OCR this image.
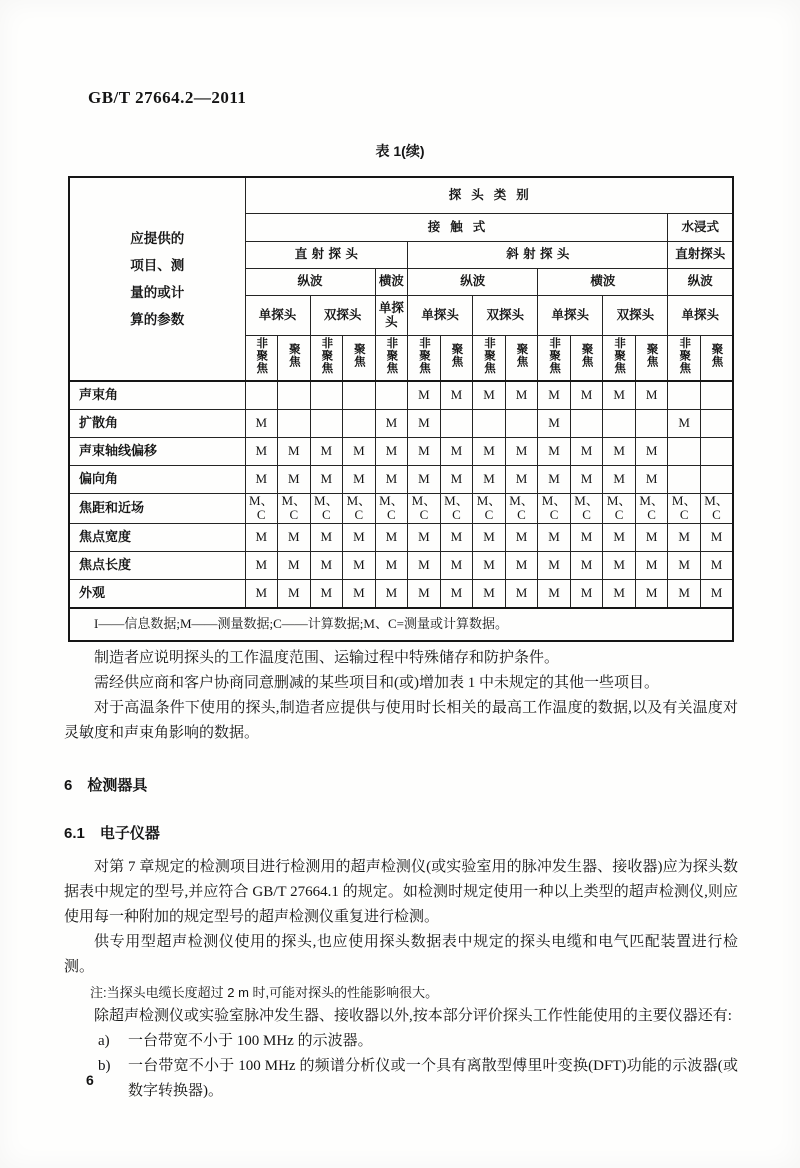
GB/T 27664.2—2011
表 1(续)
应提供的
项目、测
量的或计
算的参数	探头类别														
	接触式													水浸式	
	直射探头					斜射探头								直射探头	
	纵波				横波	纵波				横波				纵波	
	单探头		双探头		单探头	单探头		双探头		单探头		双探头		单探头	
	非聚焦	聚焦	非聚焦	聚焦	非聚焦	非聚焦	聚焦	非聚焦	聚焦	非聚焦	聚焦	非聚焦	聚焦	非聚焦	聚焦
声束角						M	M	M	M	M	M	M	M		
扩散角	M				M	M				M				M	
声束轴线偏移	M	M	M	M	M	M	M	M	M	M	M	M	M		
偏向角	M	M	M	M	M	M	M	M	M	M	M	M	M		
焦距和近场	M、C	M、C	M、C	M、C	M、C	M、C	M、C	M、C	M、C	M、C	M、C	M、C	M、C	M、C	M、C
焦点宽度	M	M	M	M	M	M	M	M	M	M	M	M	M	M	M
焦点长度	M	M	M	M	M	M	M	M	M	M	M	M	M	M	M
外观	M	M	M	M	M	M	M	M	M	M	M	M	M	M	M
I——信息数据;M——测量数据;C——计算数据;M、C=测量或计算数据。															

制造者应说明探头的工作温度范围、运输过程中特殊储存和防护条件。

需经供应商和客户协商同意删减的某些项目和(或)增加表 1 中未规定的其他一些项目。

对于高温条件下使用的探头,制造者应提供与使用时长相关的最高工作温度的数据,以及有关温度对灵敏度和声束角影响的数据。

6 检测器具

6.1 电子仪器

对第 7 章规定的检测项目进行检测用的超声检测仪(或实验室用的脉冲发生器、接收器)应为探头数据表中规定的型号,并应符合 GB/T 27664.1 的规定。如检测时规定使用一种以上类型的超声检测仪,则应使用每一种附加的规定型号的超声检测仪重复进行检测。

供专用型超声检测仪使用的探头,也应使用探头数据表中规定的探头电缆和电气匹配装置进行检测。

注:当探头电缆长度超过 2 m 时,可能对探头的性能影响很大。

除超声检测仪或实验室脉冲发生器、接收器以外,按本部分评价探头工作性能使用的主要仪器还有:

a)	一台带宽不小于 100 MHz 的示波器。
b)	一台带宽不小于 100 MHz 的频谱分析仪或一个具有离散型傅里叶变换(DFT)功能的示波器(或数字转换器)。
6
